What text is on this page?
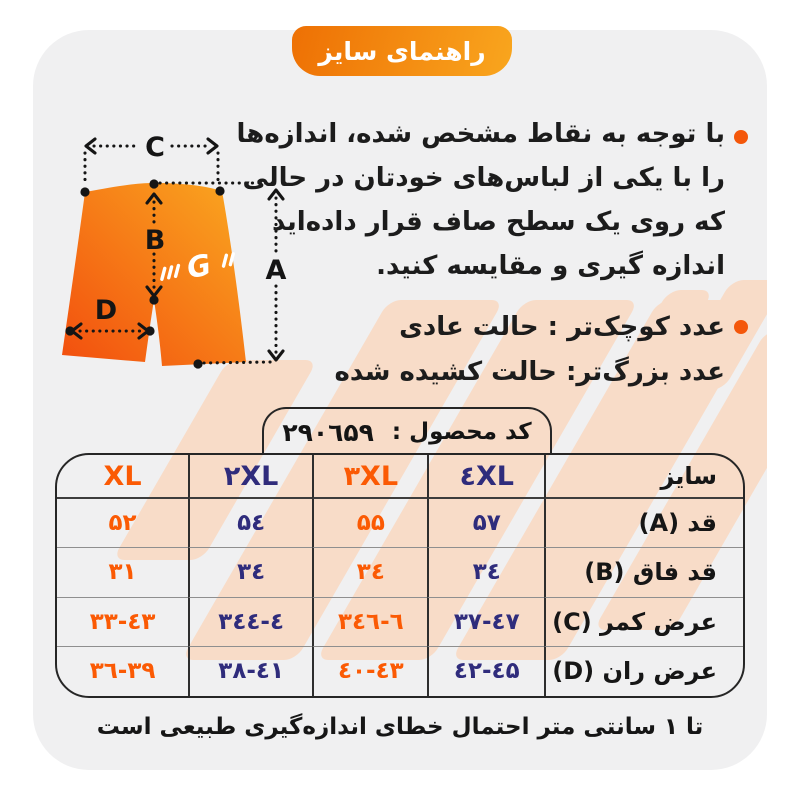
راهنمای سایز
G
C
B
A
D
با توجه به نقاط مشخص شده، اندازه‌ها
را با یکی از لباس‌های خودتان در حالی
که روی یک سطح صاف قرار داده‌اید
اندازه گیری و مقایسه کنید.
عدد کوچک‌تر : حالت عادی
عدد بزرگ‌تر: حالت کشیده شده
کد محصول :
۲۹۰٦۵۹
سایز
٤XL
۳XL
۲XL
XL
قد (A)
۵۷
۵۵
۵٤
۵۲
قد فاق (B)
۳٤
۳٤
۳٤
۳۱
عرض کمر (C)
۳۷-٤۷
۳٦-٤٦
۳٤-٤٤
۳۳-٤۳
عرض ران (D)
٤۲-٤۵
٤۰-٤۳
۳۸-٤۱
۳٦-۳۹
تا ۱ سانتی متر احتمال خطای اندازه‌گیری طبیعی است
